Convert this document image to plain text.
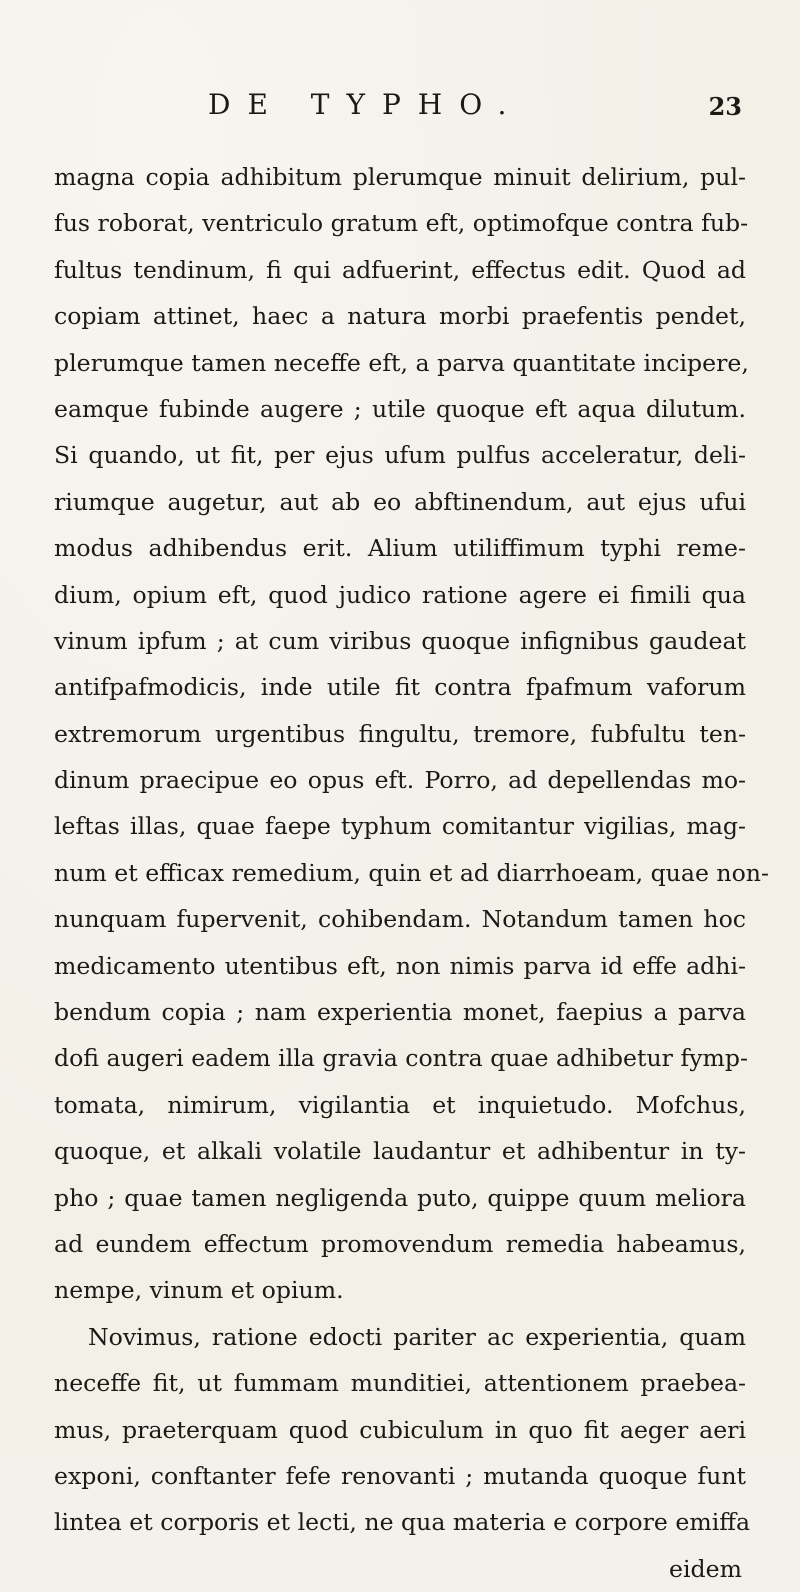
DE TYPHO.	23
magna copia adhibitum plerumque minuit delirium, pul-
fus roborat, ventriculo gratum eft, optimofque contra fub-
fultus tendinum, fi qui adfuerint, effectus edit. Quod ad
copiam attinet, haec a natura morbi praefentis pendet,
plerumque tamen neceffe eft, a parva quantitate incipere,
eamque fubinde augere ; utile quoque eft aqua dilutum.
Si quando, ut fit, per ejus ufum pulfus acceleratur, deli-
riumque augetur, aut ab eo abftinendum, aut ejus ufui
modus adhibendus erit. Alium utiliffimum typhi reme-
dium, opium eft, quod judico ratione agere ei fimili qua
vinum ipfum ; at cum viribus quoque infignibus gaudeat
antifpafmodicis, inde utile fit contra fpafmum vaforum
extremorum urgentibus fingultu, tremore, fubfultu ten-
dinum praecipue eo opus eft. Porro, ad depellendas mo-
leftas illas, quae faepe typhum comitantur vigilias, mag-
num et efficax remedium, quin et ad diarrhoeam, quae non-
nunquam fupervenit, cohibendam. Notandum tamen hoc
medicamento utentibus eft, non nimis parva id effe adhi-
bendum copia ; nam experientia monet, faepius a parva
dofi augeri eadem illa gravia contra quae adhibetur fymp-
tomata, nimirum, vigilantia et inquietudo. Mofchus,
quoque, et alkali volatile laudantur et adhibentur in ty-
pho ; quae tamen negligenda puto, quippe quum meliora
ad eundem effectum promovendum remedia habeamus,
nempe, vinum et opium.
Novimus, ratione edocti pariter ac experientia, quam
neceffe fit, ut fummam munditiei, attentionem praebea-
mus, praeterquam quod cubiculum in quo fit aeger aeri
exponi, conftanter fefe renovanti ; mutanda quoque funt
lintea et corporis et lecti, ne qua materia e corpore emiffa
eidem
